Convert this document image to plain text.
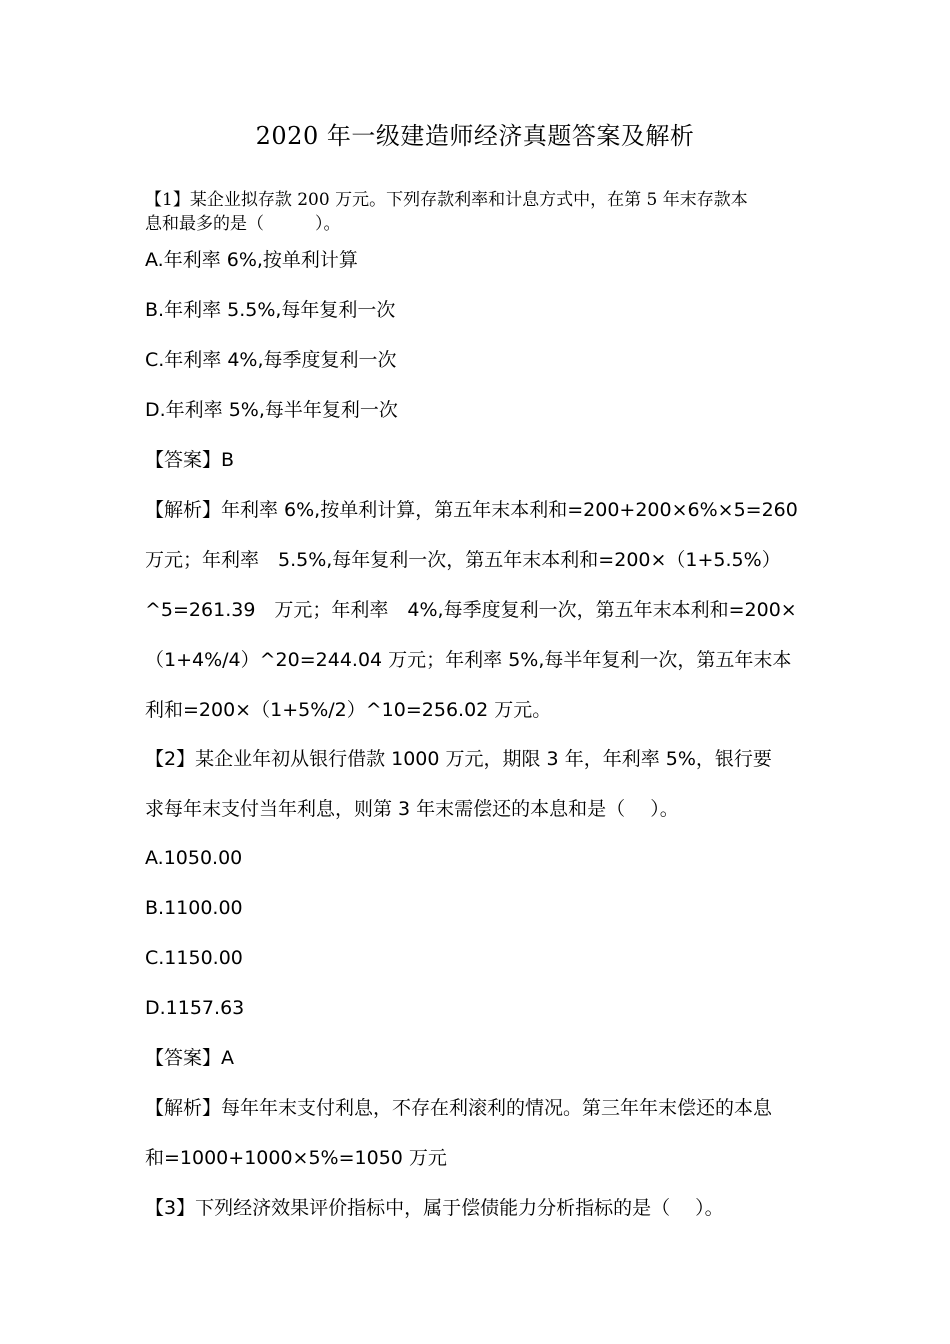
2020 年一级建造师经济真题答案及解析
【1】某企业拟存款 200 万元。下列存款利率和计息方式中，在第 5 年末存款本
息和最多的是（　　　）。
A.年利率 6%,按单利计算
B.年利率 5.5%,每年复利一次
C.年利率 4%,每季度复利一次
D.年利率 5%,每半年复利一次
【答案】B
【解析】年利率 6%,按单利计算，第五年末本利和=200+200×6%×5=260
万元；年利率　5.5%,每年复利一次，第五年末本利和=200×（1+5.5%）
^5=261.39　万元；年利率　4%,每季度复利一次，第五年末本利和=200×
（1+4%/4）^20=244.04 万元；年利率 5%,每半年复利一次，第五年末本
利和=200×（1+5%/2）^10=256.02 万元。
【2】某企业年初从银行借款 1000 万元，期限 3 年，年利率 5%，银行要
求每年末支付当年利息，则第 3 年末需偿还的本息和是（　 ）。
A.1050.00
B.1100.00
C.1150.00
D.1157.63
【答案】A
【解析】每年年末支付利息，不存在利滚利的情况。第三年年末偿还的本息
和=1000+1000×5%=1050 万元
【3】下列经济效果评价指标中，属于偿债能力分析指标的是（　 ）。
